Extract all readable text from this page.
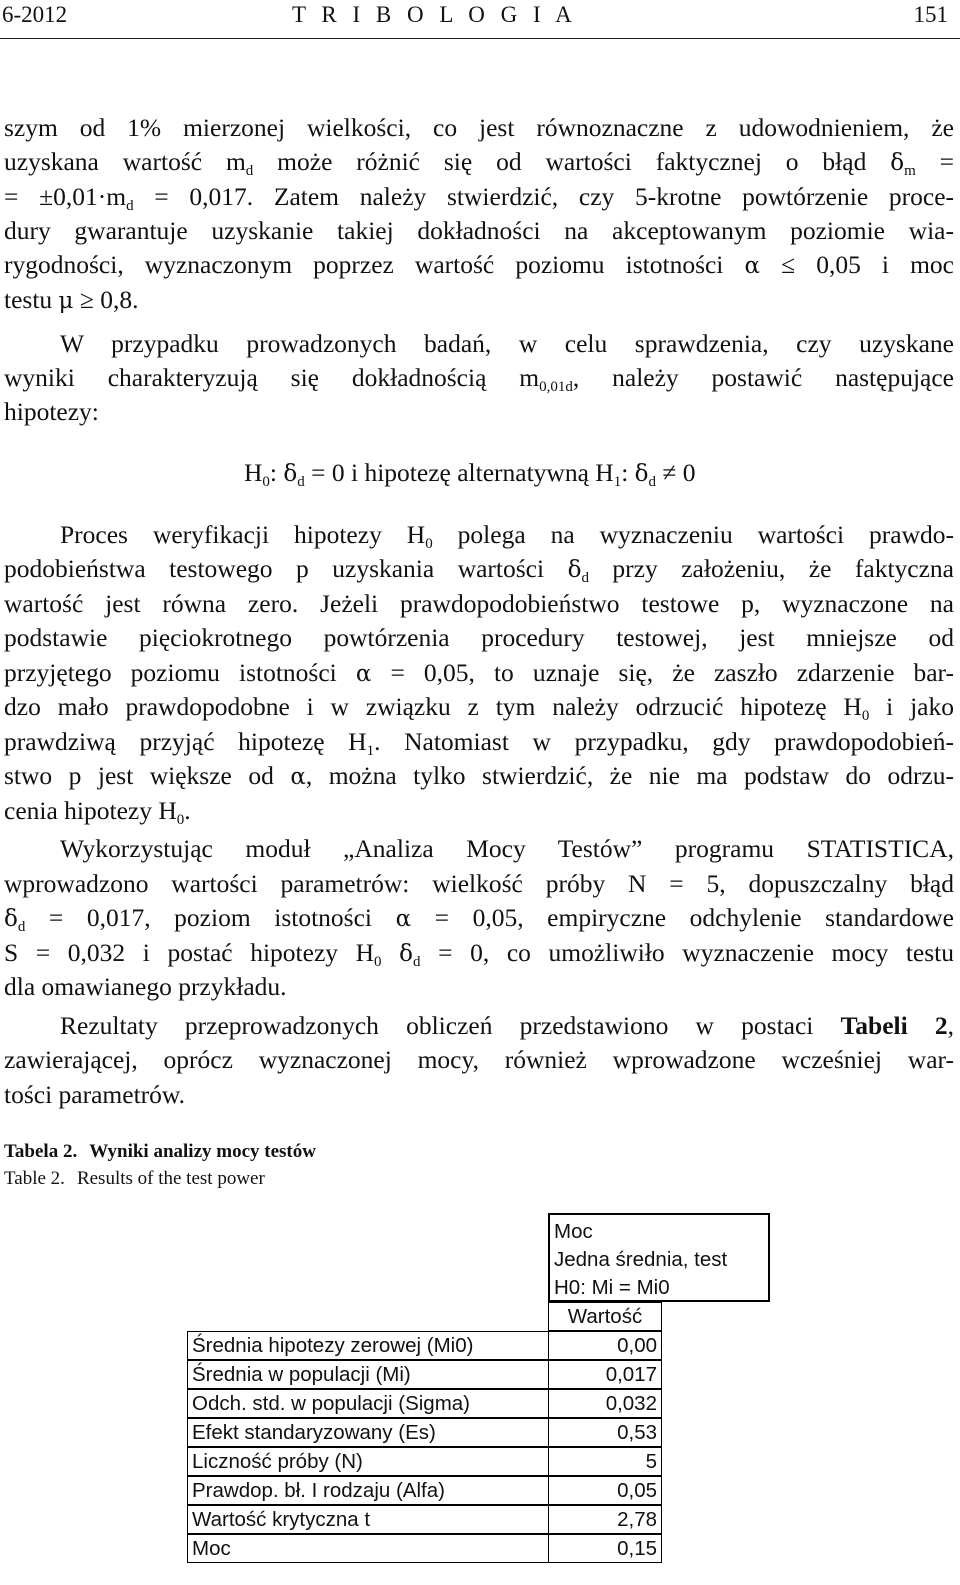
6-2012	T R I B O L O G I A	151
szym od 1% mierzonej wielkości, co jest równoznaczne z udowodnieniem, że
uzyskana wartość $m_d$ może różnić się od wartości faktycznej o błąd $\delta_m$ =
= $\pm 0,01\cdot m_d = 0,017$. Zatem należy stwierdzić, czy 5-krotne powtórzenie proce-
dury gwarantuje uzyskanie takiej dokładności na akceptowanym poziomie wia-
rygodności, wyznaczonym poprzez wartość poziomu istotności α ≤ 0,05 i moc
testu μ ≥ 0,8.
W przypadku prowadzonych badań, w celu sprawdzenia, czy uzyskane
wyniki charakteryzują się dokładnością $m_{0,01d}$, należy postawić następujące
hipotezy:
$H_0$: $\delta_d = 0$ i hipotezę alternatywną $H_1$: $\delta_d \ne 0$
Proces weryfikacji hipotezy $H_0$ polega na wyznaczeniu wartości prawdo-
podobieństwa testowego p uzyskania wartości $\delta_d$ przy założeniu, że faktyczna
wartość jest równa zero. Jeżeli prawdopodobieństwo testowe p, wyznaczone na
podstawie pięciokrotnego powtórzenia procedury testowej, jest mniejsze od
przyjętego poziomu istotności α = 0,05, to uznaje się, że zaszło zdarzenie bar-
dzo mało prawdopodobne i w związku z tym należy odrzucić hipotezę $H_0$ i jako
prawdziwą przyjąć hipotezę $H_1$. Natomiast w przypadku, gdy prawdopodobień-
stwo p jest większe od α, można tylko stwierdzić, że nie ma podstaw do odrzu-
cenia hipotezy $H_0$.
Wykorzystując moduł „Analiza Mocy Testów” programu STATISTICA,
wprowadzono wartości parametrów: wielkość próby N = 5, dopuszczalny błąd
$\delta_d = 0,017$, poziom istotności α = 0,05, empiryczne odchylenie standardowe
S = 0,032 i postać hipotezy $H_0$ $\delta_d = 0$, co umożliwiło wyznaczenie mocy testu
dla omawianego przykładu.
Rezultaty przeprowadzonych obliczeń przedstawiono w postaci Tabeli 2,
zawierającej, oprócz wyznaczonej mocy, również wprowadzone wcześniej war-
tości parametrów.
Tabela 2. Wyniki analizy mocy testów
Table 2. Results of the test power
Moc
Jedna średnia, test
H0: Mi = Mi0
Wartość
Średnia hipotezy zerowej (Mi0)	0,00
Średnia w populacji (Mi)	0,017
Odch. std. w populacji (Sigma)	0,032
Efekt standaryzowany (Es)	0,53
Liczność próby (N)	5
Prawdop. bł. I rodzaju (Alfa)	0,05
Wartość krytyczna t	2,78
Moc	0,15
